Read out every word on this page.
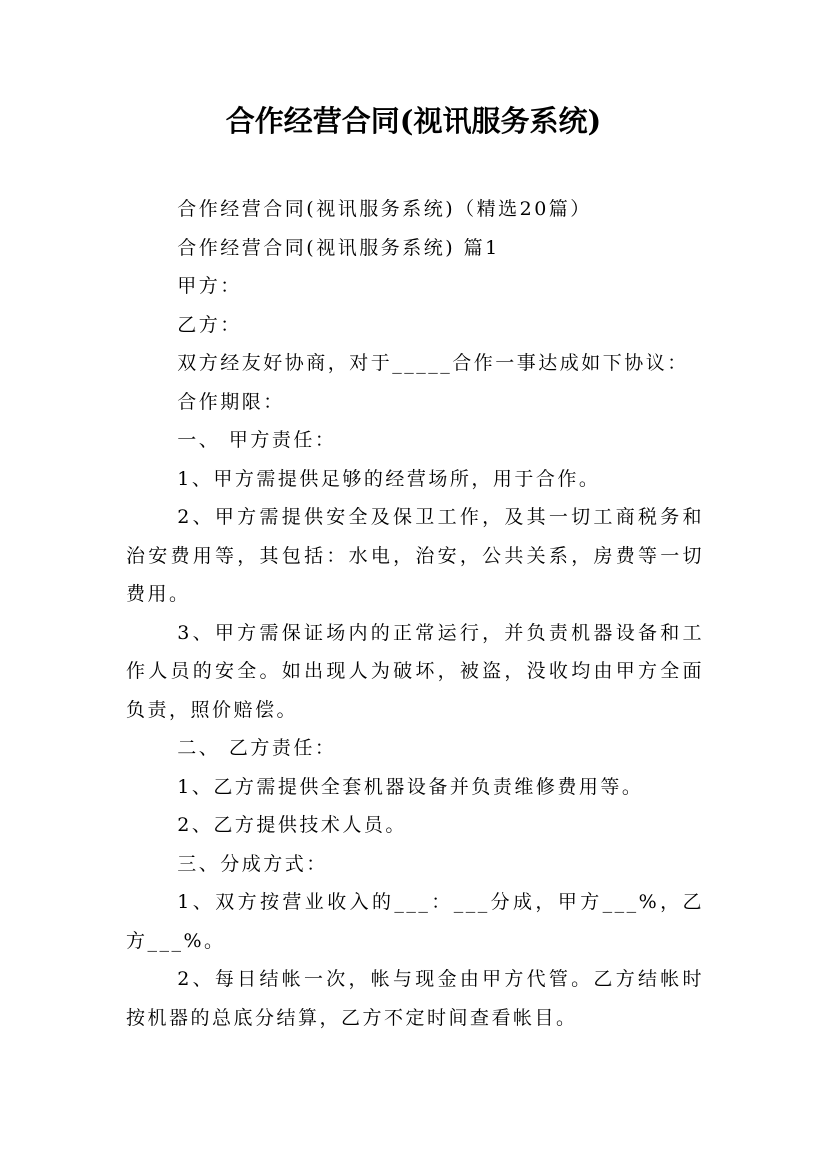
合作经营合同(视讯服务系统)

合作经营合同(视讯服务系统)（精选20篇）

合作经营合同(视讯服务系统) 篇1

甲方：

乙方：

双方经友好协商，对于_____合作一事达成如下协议：

合作期限：

一、 甲方责任：

1、甲方需提供足够的经营场所，用于合作。

2、甲方需提供安全及保卫工作，及其一切工商税务和治安费用等，其包括：水电，治安，公共关系，房费等一切费用。

3、甲方需保证场内的正常运行，并负责机器设备和工作人员的安全。如出现人为破坏，被盗，没收均由甲方全面负责，照价赔偿。

二、 乙方责任：

1、乙方需提供全套机器设备并负责维修费用等。

2、乙方提供技术人员。

三、分成方式：

1、双方按营业收入的___：___分成，甲方___%，乙方___%。

2、每日结帐一次，帐与现金由甲方代管。乙方结帐时按机器的总底分结算，乙方不定时间查看帐目。
